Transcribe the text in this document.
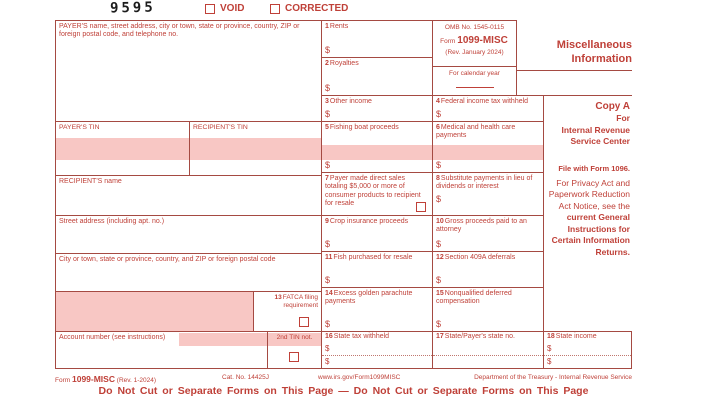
9595	VOID	CORRECTED
PAYER'S name, street address, city or town, state or province, country, ZIP or foreign postal code, and telephone no.
PAYER'S TIN	RECIPIENT'S TIN
RECIPIENT'S name
Street address (including apt. no.)
City or town, state or province, country, and ZIP or foreign postal code
13FATCA filing requirement
Account number (see instructions)	2nd TIN not.
1Rents
$
2Royalties
$
3Other income
$
5Fishing boat proceeds
$
7Payer made direct sales totaling $5,000 or more of consumer products to recipient for resale
9Crop insurance proceeds
$
11Fish purchased for resale
$
14Excess golden parachute payments
$
16State tax withheld
$
$
OMB No. 1545-0115
Form 1099-MISC
(Rev. January 2024)
For calendar year
4Federal income tax withheld
$
6Medical and health care payments
$
8Substitute payments in lieu of dividends or interest
$
10Gross proceeds paid to an attorney
$
12Section 409A deferrals
$
15Nonqualified deferred compensation
$
17State/Payer's state no.
Miscellaneous Information
Copy A
For
Internal Revenue
Service Center
File with Form 1096.
For Privacy Act and Paperwork Reduction Act Notice, see the
current General Instructions for Certain Information Returns.
18State income
$
$
Form 1099-MISC (Rev. 1-2024)	Cat. No. 14425J	www.irs.gov/Form1099MISC	Department of the Treasury - Internal Revenue Service
Do Not Cut or Separate Forms on This Page — Do Not Cut or Separate Forms on This Page
